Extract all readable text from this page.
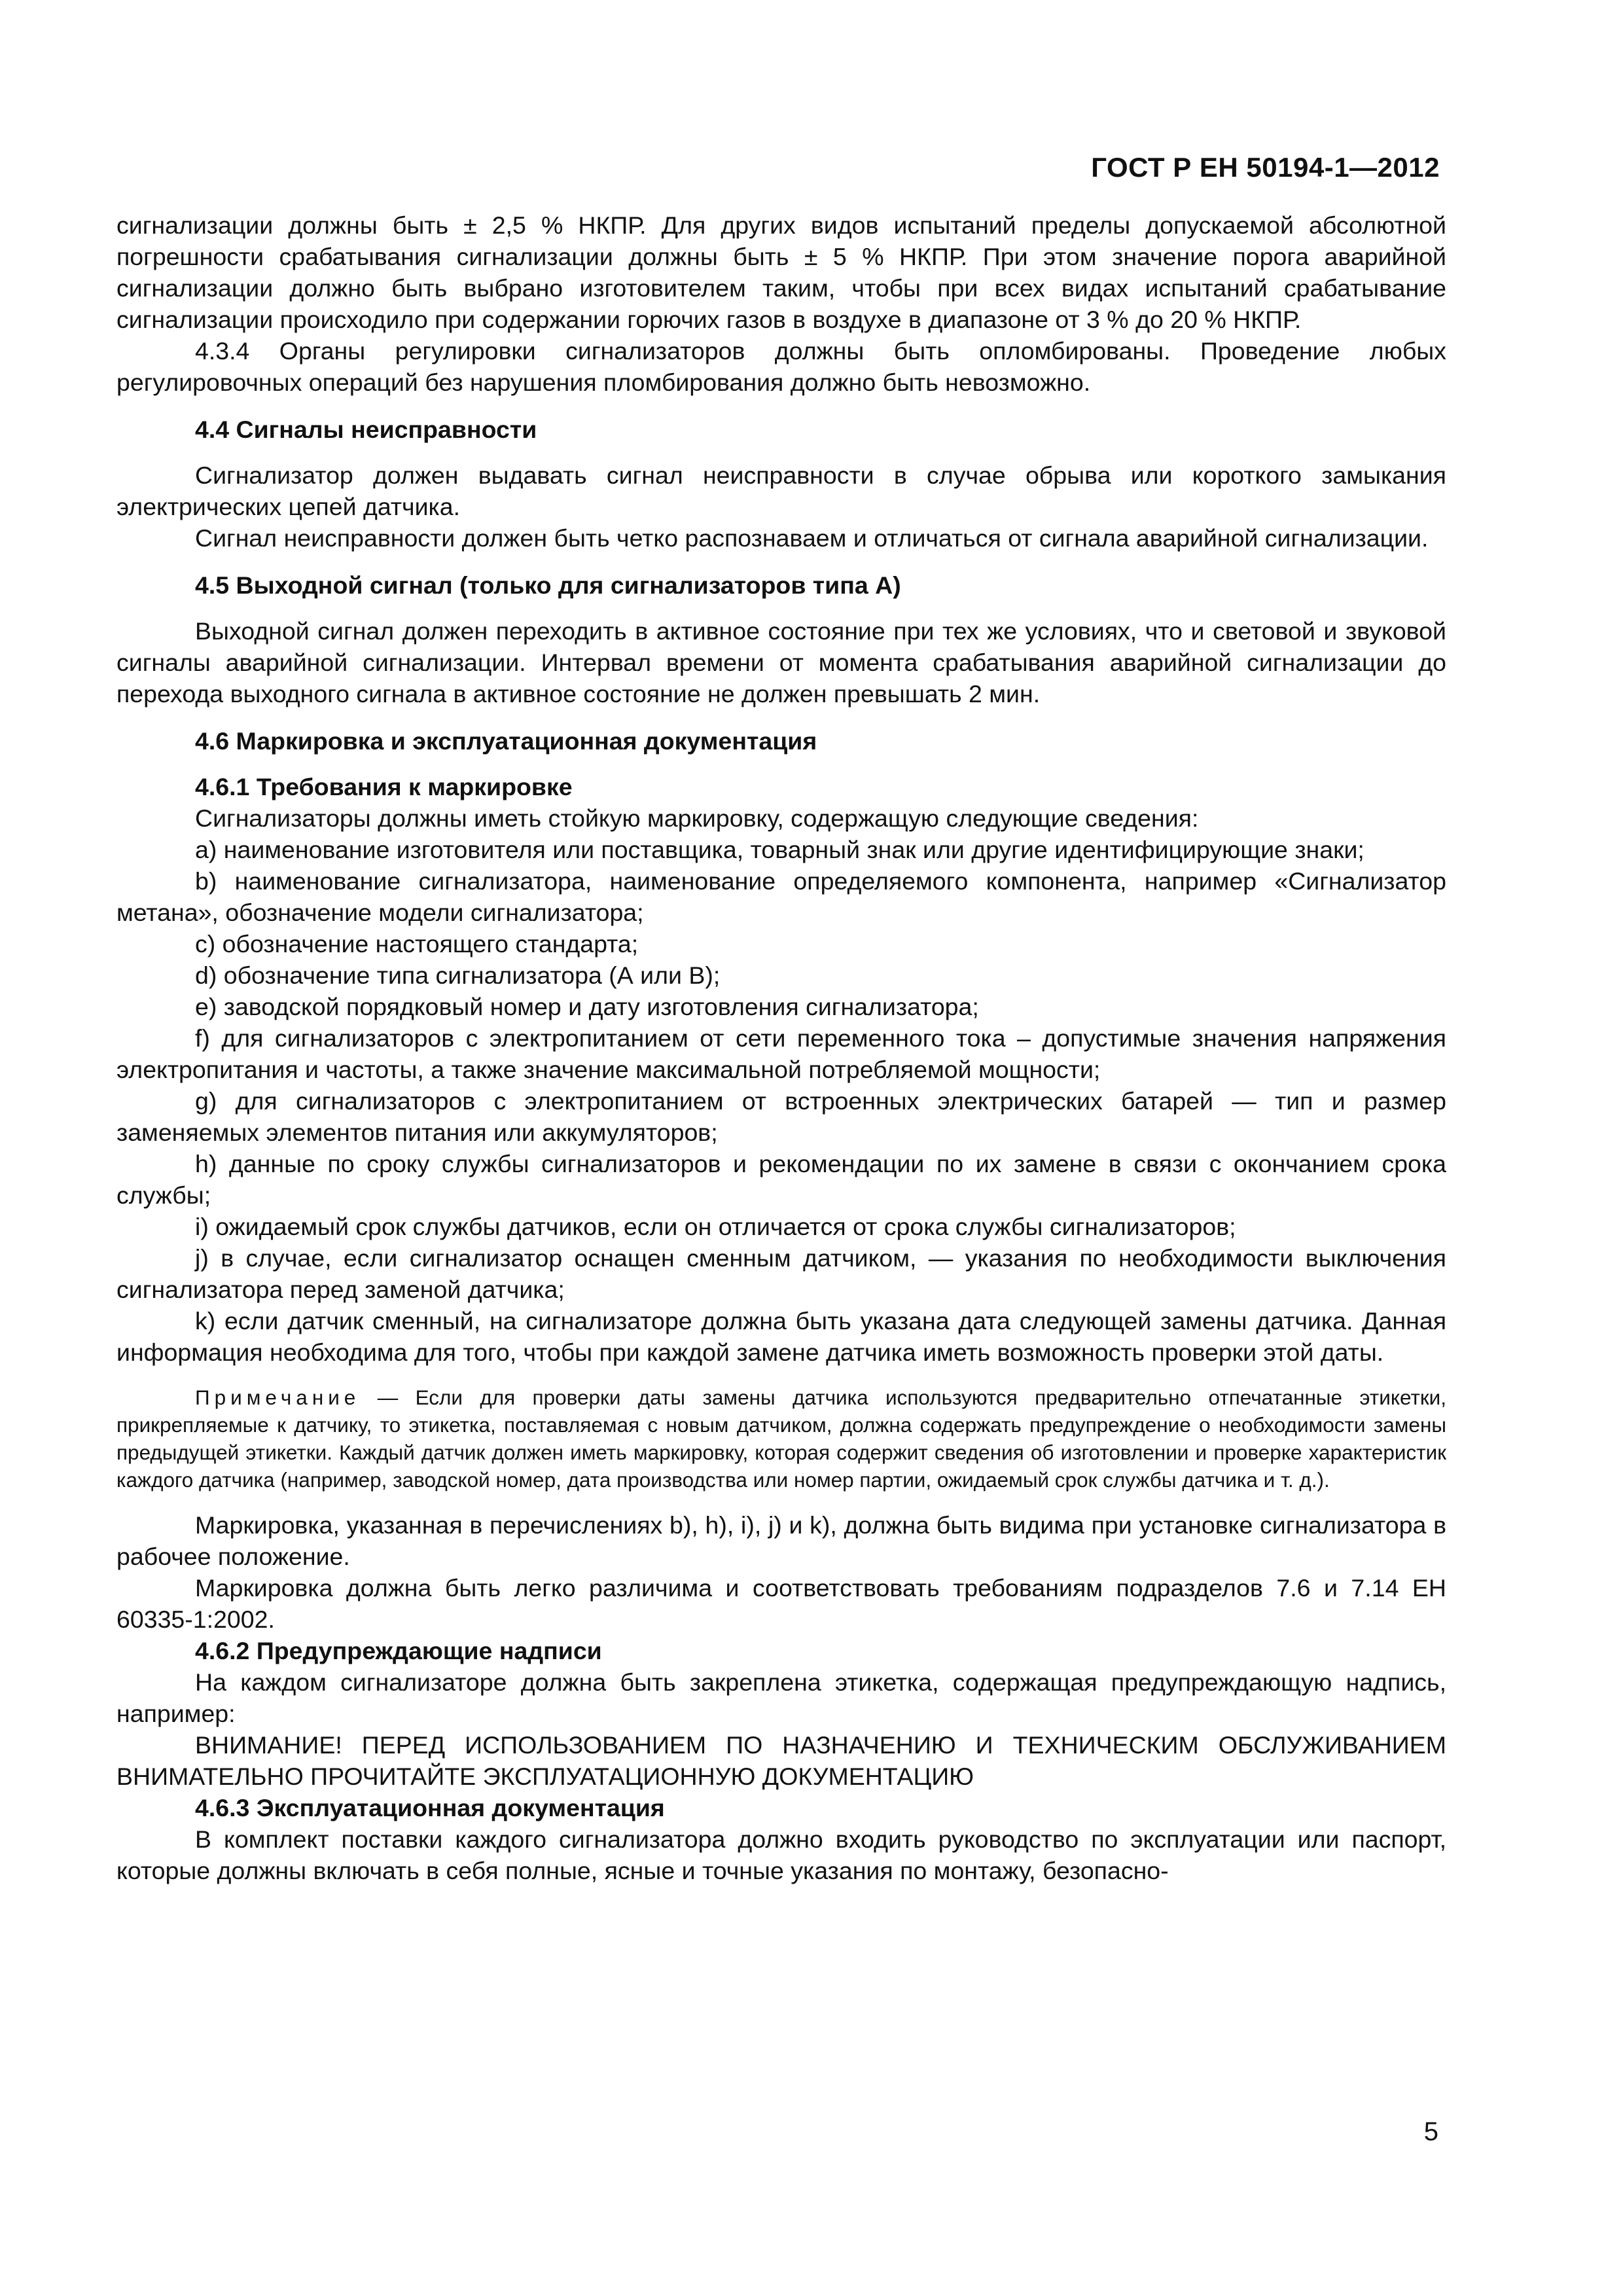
ГОСТ Р ЕН 50194-1—2012

сигнализации должны быть ± 2,5 % НКПР. Для других видов испытаний пределы допускаемой абсолютной погрешности срабатывания сигнализации должны быть ± 5 % НКПР. При этом значение порога аварийной сигнализации должно быть выбрано изготовителем таким, чтобы при всех видах испытаний срабатывание сигнализации происходило при содержании горючих газов в воздухе в диапазоне от 3 % до 20 % НКПР.

4.3.4 Органы регулировки сигнализаторов должны быть опломбированы. Проведение любых регулировочных операций без нарушения пломбирования должно быть невозможно.

4.4 Сигналы неисправности

Сигнализатор должен выдавать сигнал неисправности в случае обрыва или короткого замыкания электрических цепей датчика.

Сигнал неисправности должен быть четко распознаваем и отличаться от сигнала аварийной сигнализации.

4.5 Выходной сигнал (только для сигнализаторов типа А)

Выходной сигнал должен переходить в активное состояние при тех же условиях, что и световой и звуковой сигналы аварийной сигнализации. Интервал времени от момента срабатывания аварийной сигнализации до перехода выходного сигнала в активное состояние не должен превышать 2 мин.

4.6 Маркировка и эксплуатационная документация

4.6.1 Требования к маркировке

Сигнализаторы должны иметь стойкую маркировку, содержащую следующие сведения:

a) наименование изготовителя или поставщика, товарный знак или другие идентифицирующие знаки;

b) наименование сигнализатора, наименование определяемого компонента, например «Сигнализатор метана», обозначение модели сигнализатора;

c) обозначение настоящего стандарта;

d) обозначение типа сигнализатора (А или В);

e) заводской порядковый номер и дату изготовления сигнализатора;

f) для сигнализаторов с электропитанием от сети переменного тока – допустимые значения напряжения электропитания и частоты, а также значение максимальной потребляемой мощности;

g) для сигнализаторов с электропитанием от встроенных электрических батарей — тип и размер заменяемых элементов питания или аккумуляторов;

h) данные по сроку службы сигнализаторов и рекомендации по их замене в связи с окончанием срока службы;

i) ожидаемый срок службы датчиков, если он отличается от срока службы сигнализаторов;

j) в случае, если сигнализатор оснащен сменным датчиком, — указания по необходимости выключения сигнализатора перед заменой датчика;

k) если датчик сменный, на сигнализаторе должна быть указана дата следующей замены датчика. Данная информация необходима для того, чтобы при каждой замене датчика иметь возможность проверки этой даты.

Примечание — Если для проверки даты замены датчика используются предварительно отпечатанные этикетки, прикрепляемые к датчику, то этикетка, поставляемая с новым датчиком, должна содержать предупреждение о необходимости замены предыдущей этикетки. Каждый датчик должен иметь маркировку, которая содержит сведения об изготовлении и проверке характеристик каждого датчика (например, заводской номер, дата производства или номер партии, ожидаемый срок службы датчика и т. д.).

Маркировка, указанная в перечислениях b), h), i), j) и k), должна быть видима при установке сигнализатора в рабочее положение.

Маркировка должна быть легко различима и соответствовать требованиям подразделов 7.6 и 7.14 ЕН 60335-1:2002.

4.6.2 Предупреждающие надписи

На каждом сигнализаторе должна быть закреплена этикетка, содержащая предупреждающую надпись, например:

ВНИМАНИЕ! ПЕРЕД ИСПОЛЬЗОВАНИЕМ ПО НАЗНАЧЕНИЮ И ТЕХНИЧЕСКИМ ОБСЛУЖИВАНИЕМ ВНИМАТЕЛЬНО ПРОЧИТАЙТЕ ЭКСПЛУАТАЦИОННУЮ ДОКУМЕНТАЦИЮ

4.6.3 Эксплуатационная документация

В комплект поставки каждого сигнализатора должно входить руководство по эксплуатации или паспорт, которые должны включать в себя полные, ясные и точные указания по монтажу, безопасно-

5
